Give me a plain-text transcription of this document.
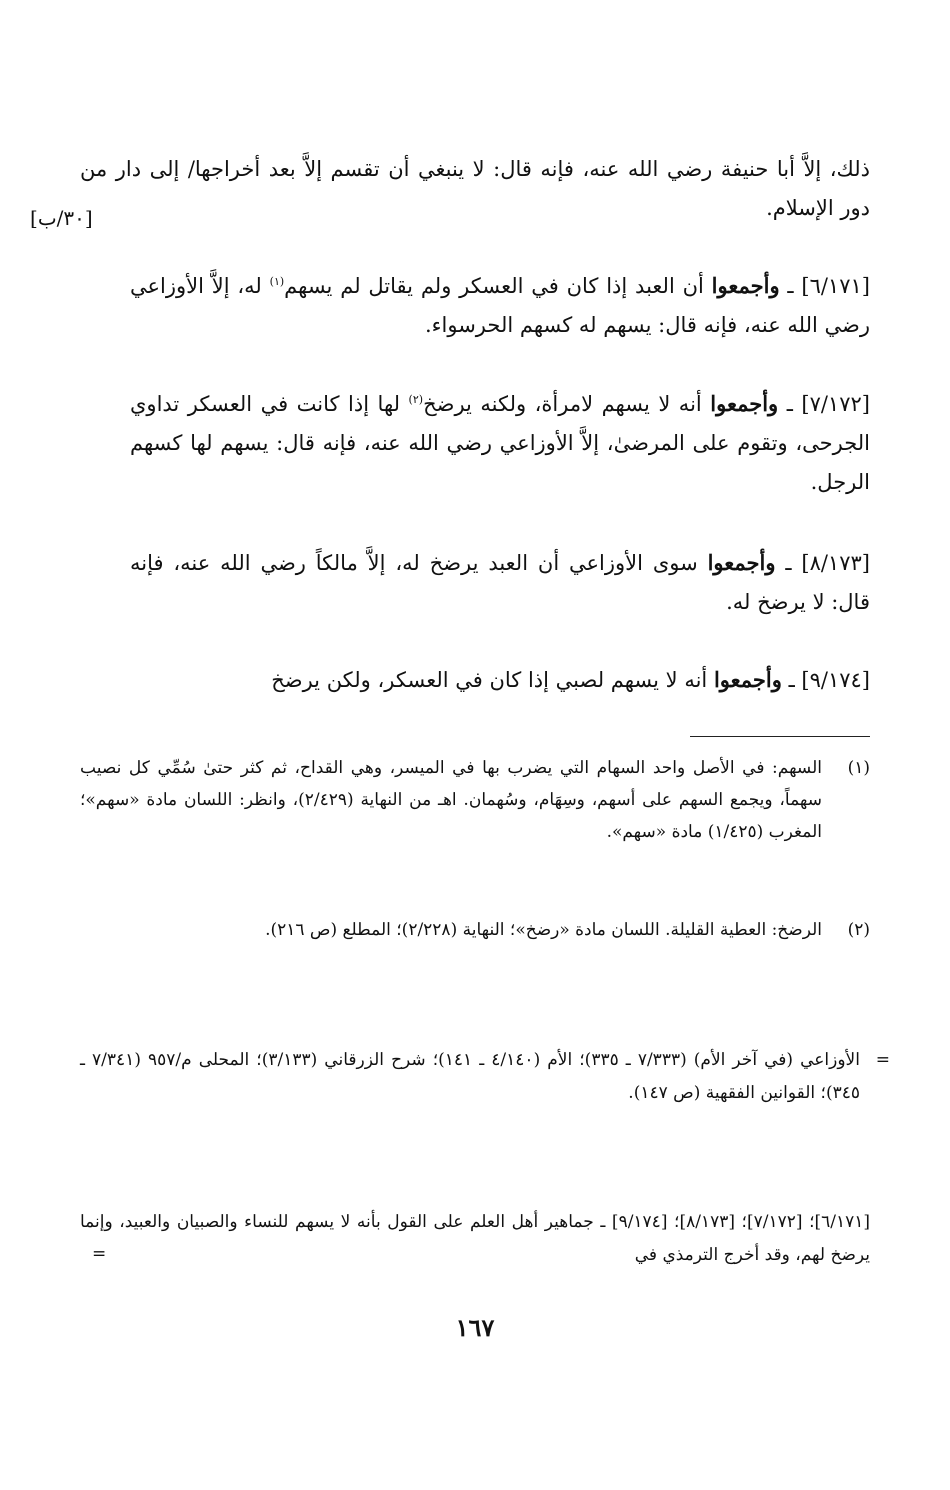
ذلك، إلاَّ أبا حنيفة رضي الله عنه، فإنه قال: لا ينبغي أن تقسم إلاَّ بعد أخراجها/ إلى دار من دور الإسلام.

[٣٠/ب]

[٦/١٧١] ـ وأجمعوا أن العبد إذا كان في العسكر ولم يقاتل لم يسهم$^{(١)}$ له، إلاَّ الأوزاعي رضي الله عنه، فإنه قال: يسهم له كسهم الحرسواء.

[٧/١٧٢] ـ وأجمعوا أنه لا يسهم لامرأة، ولكنه يرضخ$^{(٢)}$ لها إذا كانت في العسكر تداوي الجرحى، وتقوم على المرضىٰ، إلاَّ الأوزاعي رضي الله عنه، فإنه قال: يسهم لها كسهم الرجل.

[٨/١٧٣] ـ وأجمعوا سوى الأوزاعي أن العبد يرضخ له، إلاَّ مالكاً رضي الله عنه، فإنه قال: لا يرضخ له.

[٩/١٧٤] ـ وأجمعوا أنه لا يسهم لصبي إذا كان في العسكر، ولكن يرضخ

(١)
السهم: في الأصل واحد السهام التي يضرب بها في الميسر، وهي القداح، ثم كثر حتىٰ سُمِّي كل نصيب سهماً، ويجمع السهم على أسهم، وسِهَام، وسُهمان. اهـ من النهاية (٢/٤٢٩)، وانظر: اللسان مادة «سهم»؛ المغرب (١/٤٢٥) مادة «سهم».
(٢)
الرضخ: العطية القليلة. اللسان مادة «رضخ»؛ النهاية (٢/٢٢٨)؛ المطلع (ص ٢١٦).
=
الأوزاعي (في آخر الأم) (٧/٣٣٣ ـ ٣٣٥)؛ الأم (٤/١٤٠ ـ ١٤١)؛ شرح الزرقاني (٣/١٣٣)؛ المحلى م/٩٥٧ (٧/٣٤١ ـ ٣٤٥)؛ القوانين الفقهية (ص ١٤٧).
[٦/١٧١]؛ [٧/١٧٢]؛ [٨/١٧٣]؛ [٩/١٧٤] ـ جماهير أهل العلم على القول بأنه لا يسهم للنساء والصبيان والعبيد، وإنما يرضخ لهم، وقد أخرج الترمذي في
=
١٦٧
